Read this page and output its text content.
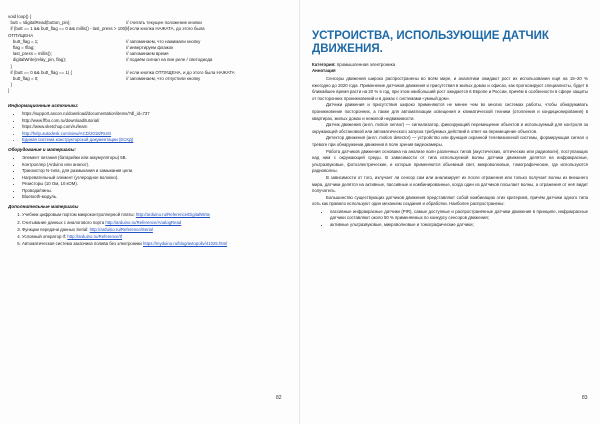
void loop() {
butt = !digitalRead(button_pin);	// считать текущее положение кнопки
if (butt == 1 && butt_flag == 0 && millis() - last_press > 100) {
// если кнопка НАЖАТА, до этого была
ОТПУЩЕНА
butt_flag = 1;	// запоминаем, что нажимали кнопку
flag = !flag;	// инвертируем флажок
last_press = millis();	// запоминаем время
digitalWrite(relay_pin, flag);	// подаём сигнал на пин реле / светодиода
}
if (butt == 0 && butt_flag == 1) {	// если кнопка ОТПУЩЕНА, и до этого была НАЖАТА
butt_flag = 0;	// запоминаем, что отпустили кнопку
}
}
Информационные источники:
• https://support.ascon.ru/download/documentation/items/?dl_id=737
• http://www.ffbo.com.ru/download/tutorial/
• https://www.sketchup.com/ru/learn
• http://help.autodesk.com/view/ACD/2018/RUS/
• Единая система конструкторской документации (ЕСКД)
Оборудование и материалы:
• Элемент питания (батарейки или аккумуляторы) 5В.
• Контроллер (Arduino или аналог).
• Транзистор N-типа, для размыкания и замыкания цепи.
• Нагревательный элемент (углеродное волокно).
• Резисторы (10 Ом, 10 кОМ).
• Провода/пины.
• Bluetooth-модуль.
Дополнительные материалы
1. Учебник цифровым портом микроконтроллерной платы: http://arduino.ru/Reference/DigitalWrite
2. Считывание данных с аналогового порта http://arduino.ru/Reference/AnalogRead
3. Функции передачи данных Serial: http://arduino.ru/Reference/Serial
4. Условный оператор If: http://arduino.ru/Reference/If
5. Автоматическая система заказчика полива без электроники https://myduino.ru/blog/avtopoliv/41025.html
82
УСТРОЙСТВА, ИСПОЛЬЗУЮЩИЕ ДАТЧИК ДВИЖЕНИЯ.
Категория: промышленная электроника
Аннотация

Сенсоры движения широко распространены во всём мире, и аналитики ожидают рост их использования ещё на 15–20 % ежегодно до 2020 года. Применение датчиков движения и присутствия в жилых домах и офисах, как прогнозируют специалисты, будет в ближайшее время расти на 20 % в год, при этом наибольший рост ожидается в Европе и России, причём в особенности в сфере защиты от посторонних проникновений и в домах с системами «умный дом».

Датчики движения и присутствия широко применяются не менее чем во многих системах работы, чтобы обнаруживать проникновение посторонних, а также для автоматизации освещения и климатической техники (отопления и кондиционирования) в квартирах, жилых домах и нежилой недвижимости.

Датчик движения (англ. motion sensor) — сигнализатор, фиксирующий перемещение объектов и используемый для контроля за окружающей обстановкой или автоматического запуска требуемых действий в ответ на перемещение объектов.

Детектор движения (англ. motion detector) — устройство или функция охранной телевизионной системы, формирующая сигнал о тревоге при обнаружении движения в поле зрения видеокамеры.

Работа датчиков движения основана на анализе волн различных типов (акустических, оптических или радиоволн), поступающих над ним с окружающей среды. В зависимости от типа используемой волны датчики движения делятся на инфракрасные, ультразвуковые, фотоэлектрические, и которые применяются объемный свет, микроволновые, томографические, где используются радиоволны.

В зависимости от того, излучает ли сенсор сам или анализирует их после отражения или только получает волны из внешнего мира, датчики делятся на активные, пассивные и комбинированные, когда один из датчиков посылает волны, а отражения от неё видит получатель.

Большинство существующих датчиков движения представляют собой комбинацию этих критериев, причём датчики одного типа хоть как правило используют один механизм создания и обработки. Наиболее распространены:

• пассивные инфракрасные датчики (PIR), самые доступные и распространённые датчики движения в принципе, инфракрасные датчики составляют около 50 % применяемых по конкурсу сенсоров движения;
• активные ультразвуковые, микроволновые и томографические датчики;
83
